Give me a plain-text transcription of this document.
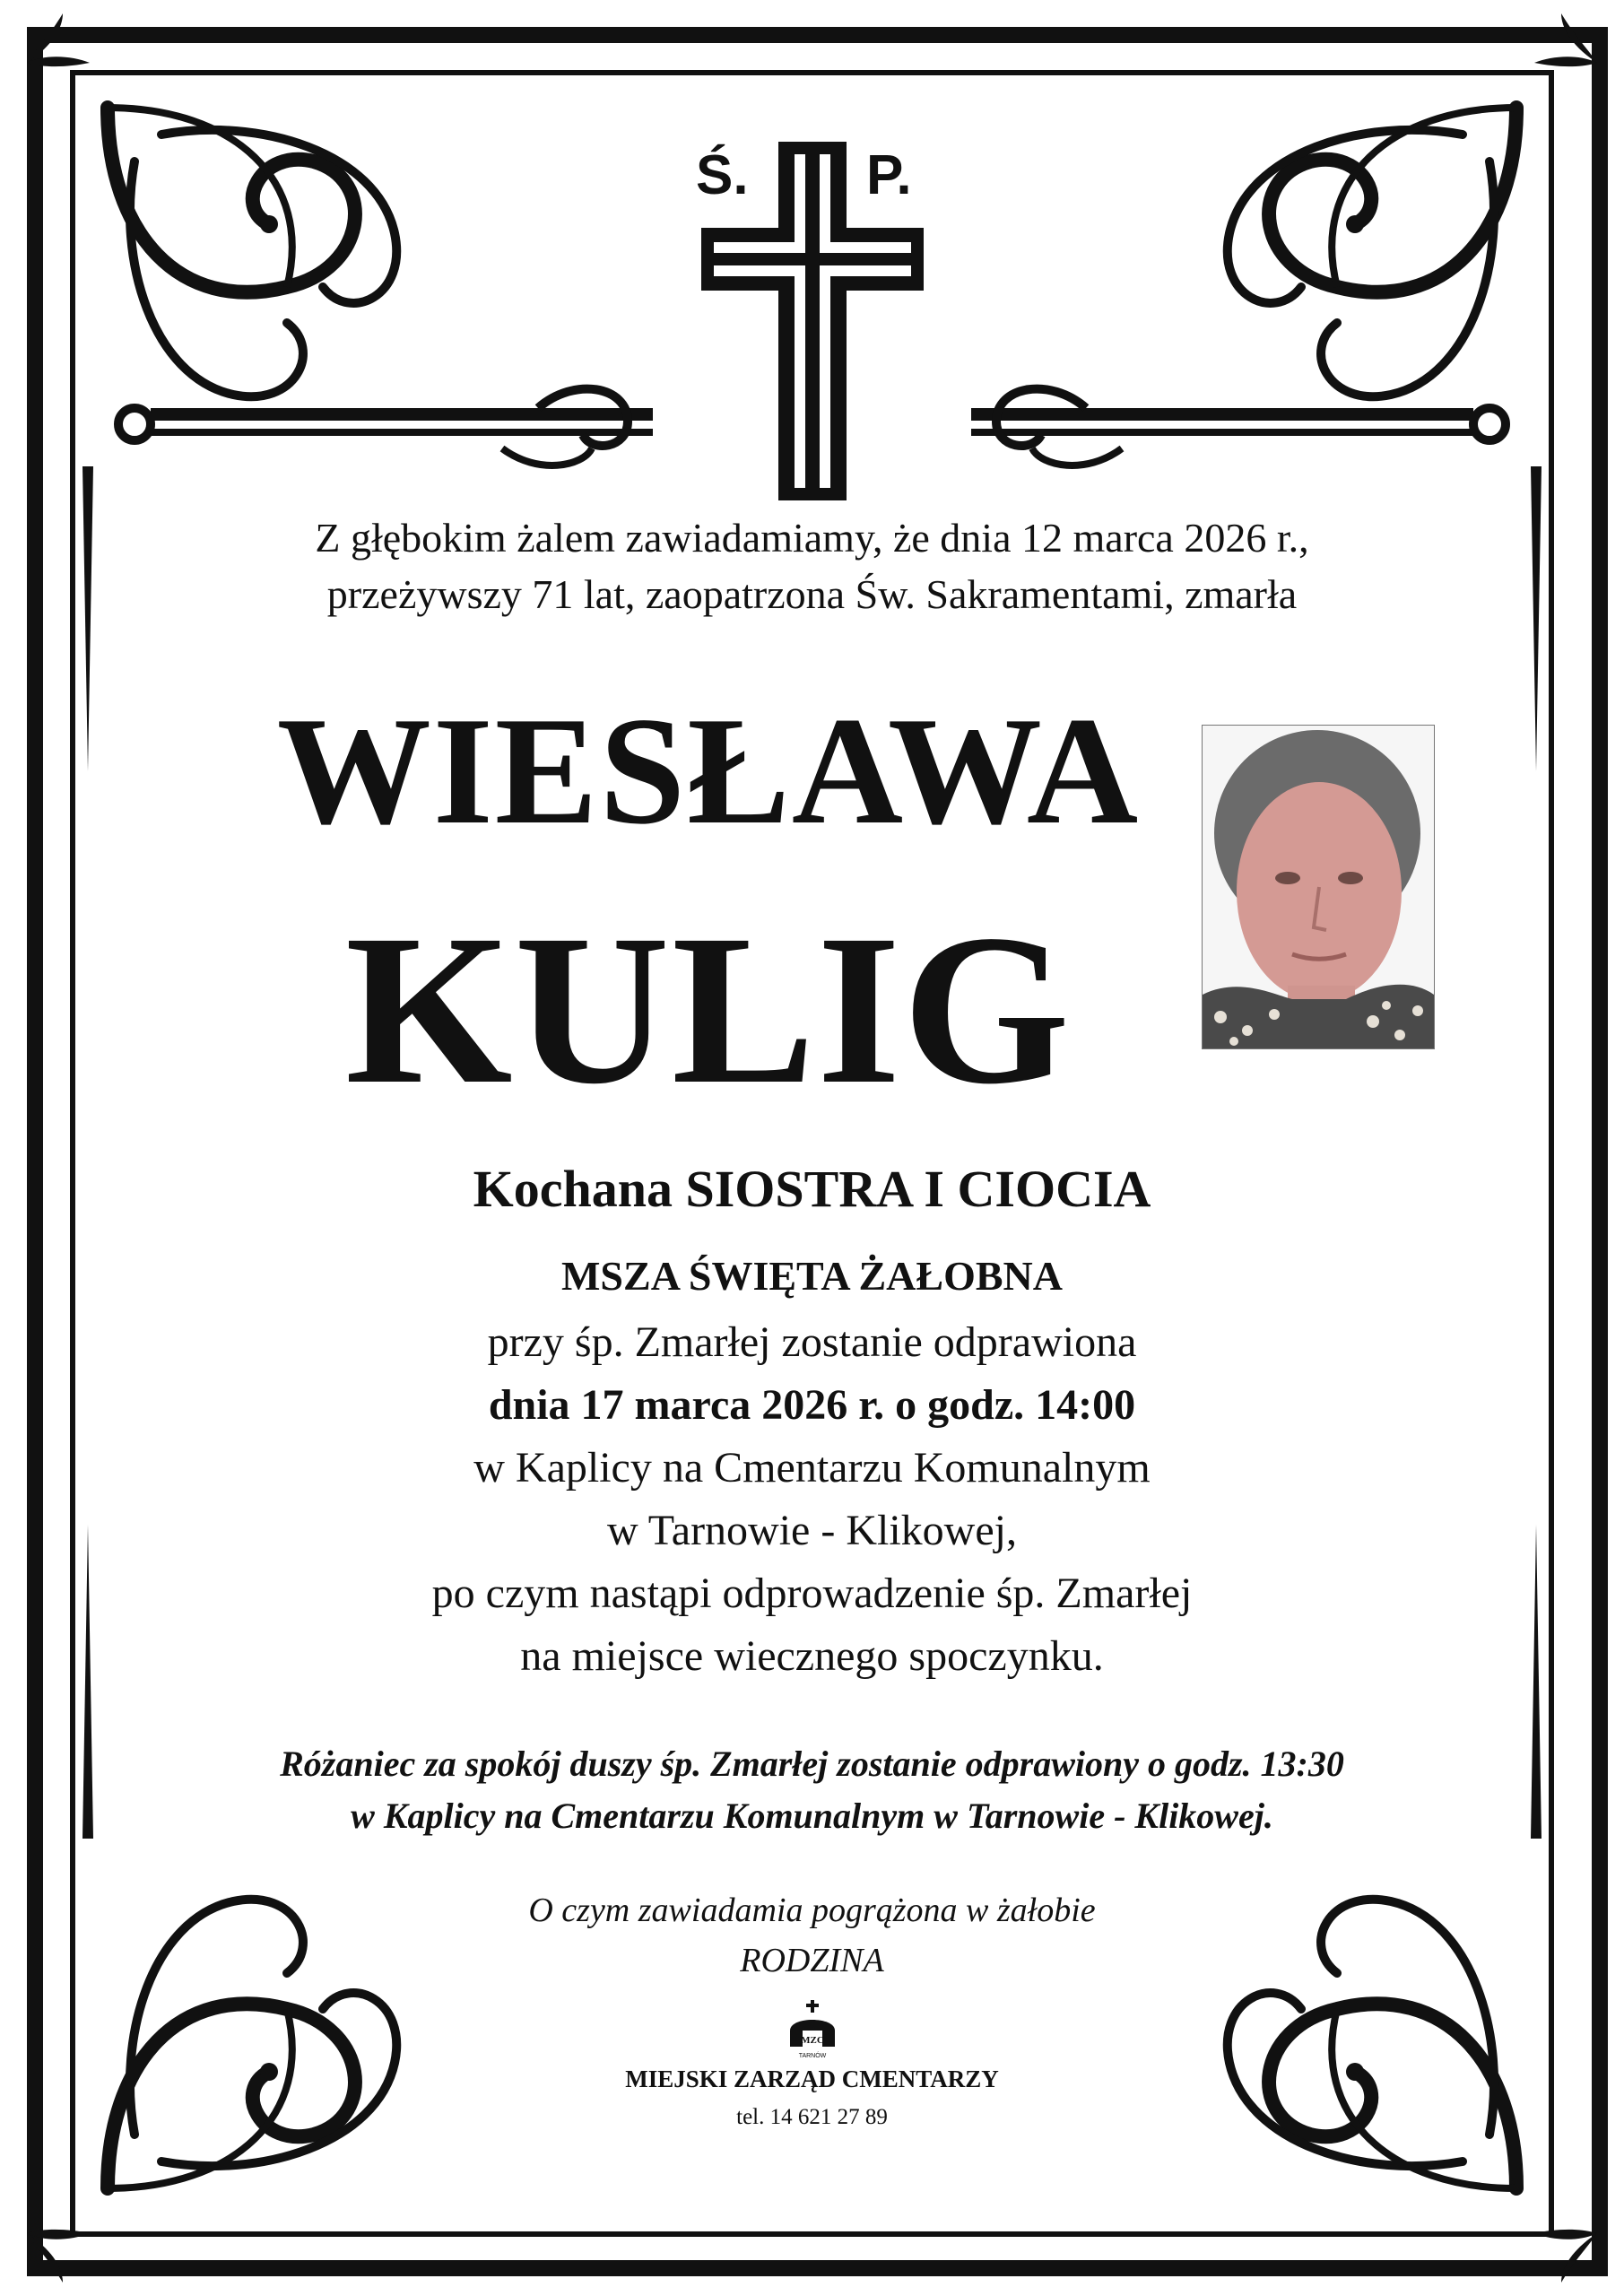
Ś. P.
Z głębokim żalem zawiadamiamy, że dnia 12 marca 2026 r.,
przeżywszy 71 lat, zaopatrzona Św. Sakramentami, zmarła
WIESŁAWA
KULIG
Kochana SIOSTRA I CIOCIA
MSZA ŚWIĘTA ŻAŁOBNA
przy śp. Zmarłej zostanie odprawiona
dnia 17 marca 2026 r. o godz. 14:00
w Kaplicy na Cmentarzu Komunalnym
w Tarnowie - Klikowej,
po czym nastąpi odprowadzenie śp. Zmarłej
na miejsce wiecznego spoczynku.
Różaniec za spokój duszy śp. Zmarłej zostanie odprawiony o godz. 13:30
w Kaplicy na Cmentarzu Komunalnym w Tarnowie - Klikowej.
O czym zawiadamia pogrążona w żałobie
RODZINA
MZC
TARNÓW
MIEJSKI ZARZĄD CMENTARZY
tel. 14 621 27 89
